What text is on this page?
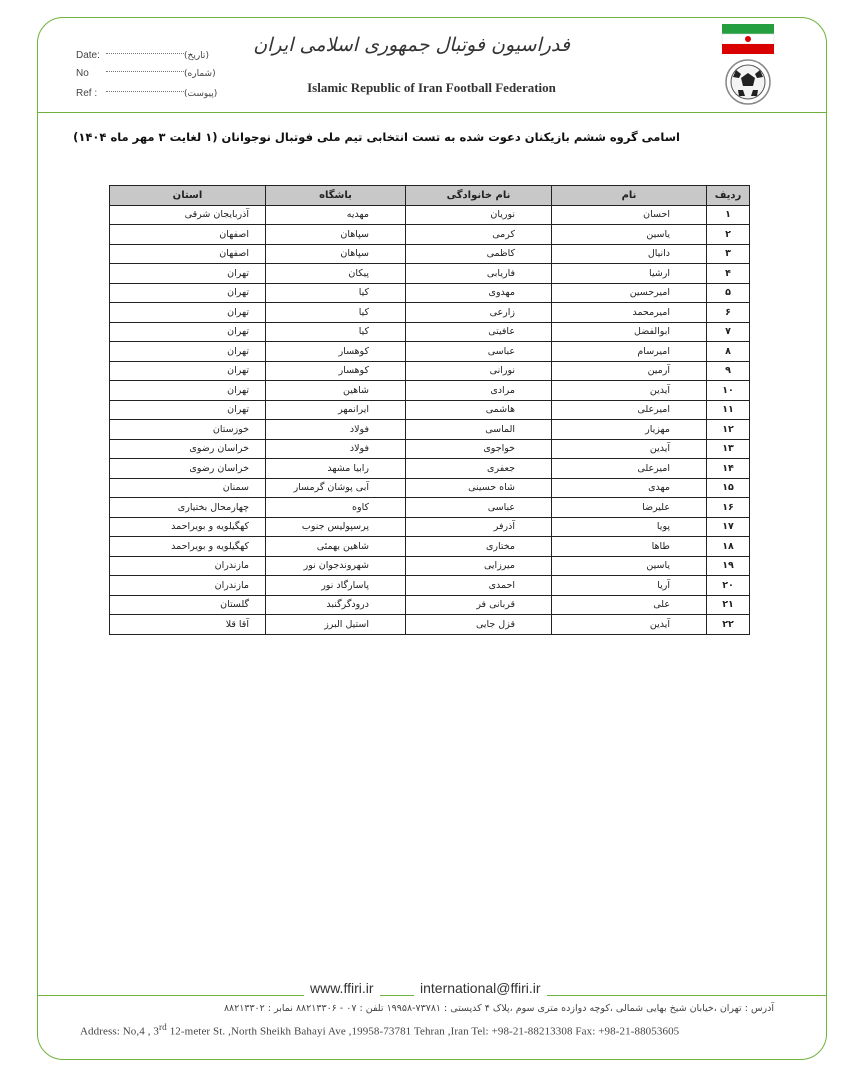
Date:	(تاریخ)
No	(شماره)
Ref :	(پیوست)
فدراسیون فوتبال جمهوری اسلامی ایران
Islamic Republic of Iran Football Federation
اسامی گروه ششم بازیکنان دعوت شده به تست انتخابی تیم ملی فوتبال نوجوانان (۱ لغایت ۳ مهر ماه ۱۴۰۴)
ردیف	نام	نام خانوادگی	باشگاه	استان
۱	احسان	نوریان	مهدیه	آذربایجان شرقی
۲	یاسین	کرمی	سپاهان	اصفهان
۳	دانیال	کاظمی	سپاهان	اصفهان
۴	ارشیا	فاریابی	پیکان	تهران
۵	امیرحسین	مهدوی	کیا	تهران
۶	امیرمحمد	زارعی	کیا	تهران
۷	ابوالفضل	عافیتی	کیا	تهران
۸	امیرسام	عباسی	کوهسار	تهران
۹	آرمین	نورانی	کوهسار	تهران
۱۰	آیدین	مرادی	شاهین	تهران
۱۱	امیرعلی	هاشمی	ایرانمهر	تهران
۱۲	مهزیار	الماسی	فولاد	خوزستان
۱۳	آیدین	خواجوی	فولاد	خراسان رضوی
۱۴	امیرعلی	جعفری	رابیا مشهد	خراسان رضوی
۱۵	مهدی	شاه حسینی	آبی پوشان گرمسار	سمنان
۱۶	علیرضا	عباسی	کاوه	چهارمحال بختیاری
۱۷	پویا	آذرفر	پرسپولیس جنوب	کهگیلویه و بویراحمد
۱۸	طاها	مختاری	شاهین بهمئی	کهگیلویه و بویراحمد
۱۹	یاسین	میرزایی	شهروندجوان نور	مازندران
۲۰	آریا	احمدی	پاسارگاد نور	مازندران
۲۱	علی	قربانی فر	درودگرگنبد	گلستان
۲۲	آیدین	قزل جایی	استیل البرز	آقا قلا
www.ffiri.ir	international@ffiri.ir
آدرس : تهران ،خیابان شیخ بهایی شمالی ،کوچه دوازده متری سوم ،پلاک ۴ کدپستی : ۷۳۷۸۱-۱۹۹۵۸ تلفن : ۰۷ - ۸۸۲۱۳۳۰۶ نمابر : ۸۸۲۱۳۳۰۲
Address: No,4 , 3rd 12-meter St. ,North Sheikh Bahayi Ave ,19958-73781 Tehran ,Iran Tel: +98-21-88213308 Fax: +98-21-88053605
